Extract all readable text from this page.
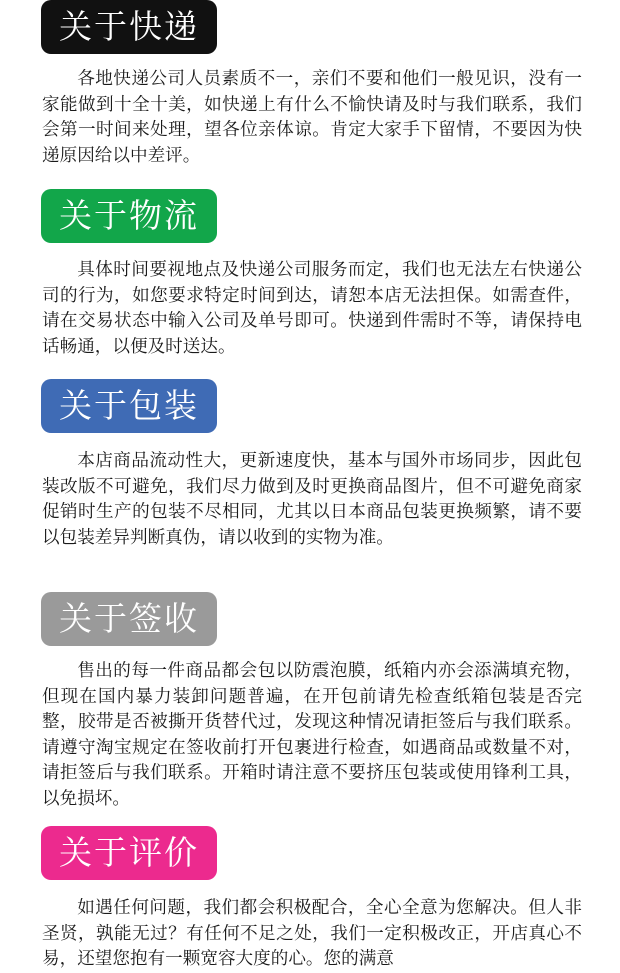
关于快递

各地快递公司人员素质不一，亲们不要和他们一般见识，没有一家能做到十全十美，如快递上有什么不愉快请及时与我们联系，我们会第一时间来处理，望各位亲体谅。肯定大家手下留情，不要因为快递原因给以中差评。

关于物流

具体时间要视地点及快递公司服务而定，我们也无法左右快递公司的行为，如您要求特定时间到达，请恕本店无法担保。如需查件，请在交易状态中输入公司及单号即可。快递到件需时不等，请保持电话畅通，以便及时送达。

关于包装

本店商品流动性大，更新速度快，基本与国外市场同步，因此包装改版不可避免，我们尽力做到及时更换商品图片，但不可避免商家促销时生产的包装不尽相同，尤其以日本商品包装更换频繁，请不要以包装差异判断真伪，请以收到的实物为准。

关于签收

售出的每一件商品都会包以防震泡膜，纸箱内亦会添满填充物，但现在国内暴力装卸问题普遍，在开包前请先检查纸箱包装是否完整，胶带是否被撕开货替代过，发现这种情况请拒签后与我们联系。请遵守淘宝规定在签收前打开包裹进行检查，如遇商品或数量不对，请拒签后与我们联系。开箱时请注意不要挤压包装或使用锋利工具，以免损坏。

关于评价

如遇任何问题，我们都会积极配合，全心全意为您解决。但人非圣贤，孰能无过？有任何不足之处，我们一定积极改正，开店真心不易，还望您抱有一颗宽容大度的心。您的满意
